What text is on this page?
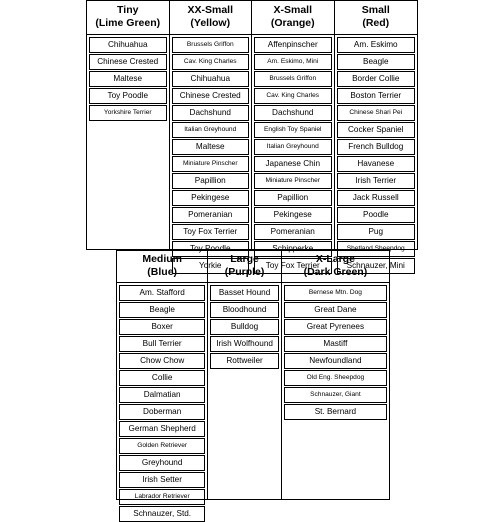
Tiny
(Lime Green)
Chihuahua
Chinese Crested
Maltese
Toy Poodle
Yorkshire Terrier
XX-Small
(Yellow)
Brussels Griffon
Cav. King Charles
Chihuahua
Chinese Crested
Dachshund
Italian Greyhound
Maltese
Miniature Pinscher
Papillion
Pekingese
Pomeranian
Toy Fox Terrier
Toy Poodle
Yorkie
X-Small
(Orange)
Affenpinscher
Am. Eskimo, Mini
Brussels Griffon
Cav. King Charles
Dachshund
English Toy Spaniel
Italian Greyhound
Japanese Chin
Miniature Pinscher
Papillion
Pekingese
Pomeranian
Schipperke
Toy Fox Terrier
Small
(Red)
Am. Eskimo
Beagle
Border Collie
Boston Terrier
Chinese Shari Pei
Cocker Spaniel
French Bulldog
Havanese
Irish Terrier
Jack Russell
Poodle
Pug
Shetland Sheepdog
Schnauzer, Mini
Medium
(Blue)
Am. Stafford
Beagle
Boxer
Bull Terrier
Chow Chow
Collie
Dalmatian
Doberman
German Shepherd
Golden Retriever
Greyhound
Irish Setter
Labrador Retriever
Schnauzer, Std.
Large
(Purple)
Basset Hound
Bloodhound
Bulldog
Irish Wolfhound
Rottweiler
X-Large
(Dark Green)
Bernese Mtn. Dog
Great Dane
Great Pyrenees
Mastiff
Newfoundland
Old Eng. Sheepdog
Schnauzer, Giant
St. Bernard
